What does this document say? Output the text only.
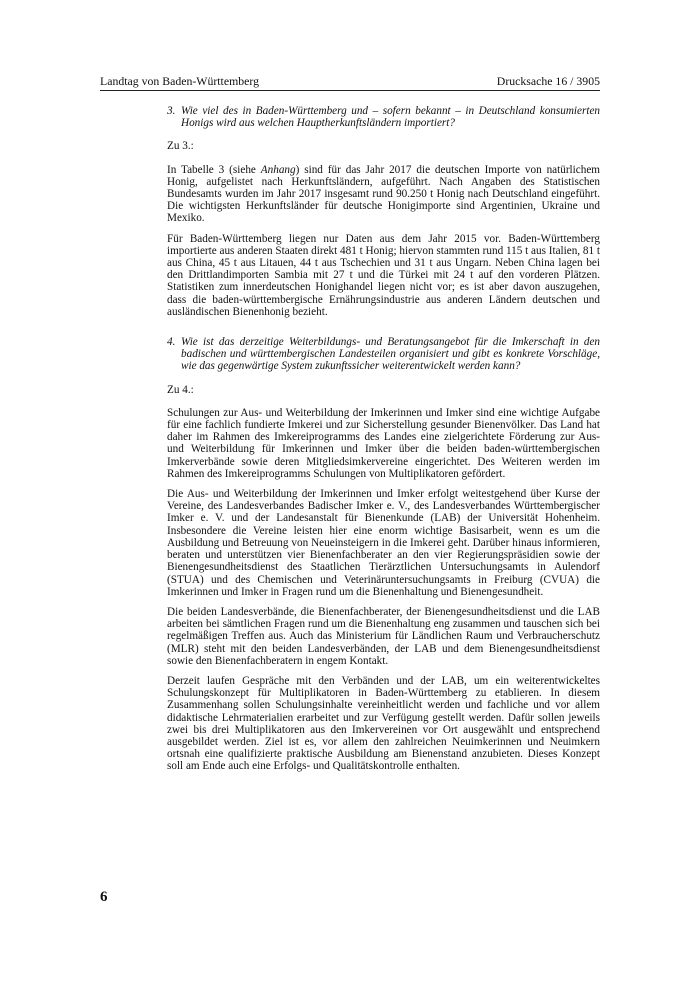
Landtag von Baden-Württemberg	Drucksache 16 / 3905
3. Wie viel des in Baden-Württemberg und – sofern bekannt – in Deutschland konsumierten Honigs wird aus welchen Hauptherkunftsländern importiert?
Zu 3.:

In Tabelle 3 (siehe Anhang) sind für das Jahr 2017 die deutschen Importe von natürlichem Honig, aufgelistet nach Herkunftsländern, aufgeführt. Nach Angaben des Statistischen Bundesamts wurden im Jahr 2017 insgesamt rund 90.250 t Honig nach Deutschland eingeführt. Die wichtigsten Herkunftsländer für deutsche Honigimporte sind Argentinien, Ukraine und Mexiko.

Für Baden-Württemberg liegen nur Daten aus dem Jahr 2015 vor. Baden-Württemberg importierte aus anderen Staaten direkt 481 t Honig; hiervon stammten rund 115 t aus Italien, 81 t aus China, 45 t aus Litauen, 44 t aus Tschechien und 31 t aus Ungarn. Neben China lagen bei den Drittlandimporten Sambia mit 27 t und die Türkei mit 24 t auf den vorderen Plätzen. Statistiken zum innerdeutschen Honighandel liegen nicht vor; es ist aber davon auszugehen, dass die baden-württembergische Ernährungsindustrie aus anderen Ländern deutschen und ausländischen Bienenhonig bezieht.

4. Wie ist das derzeitige Weiterbildungs- und Beratungsangebot für die Imkerschaft in den badischen und württembergischen Landesteilen organisiert und gibt es konkrete Vorschläge, wie das gegenwärtige System zukunftssicher weiterentwickelt werden kann?
Zu 4.:

Schulungen zur Aus- und Weiterbildung der Imkerinnen und Imker sind eine wichtige Aufgabe für eine fachlich fundierte Imkerei und zur Sicherstellung gesunder Bienenvölker. Das Land hat daher im Rahmen des Imkereiprogramms des Landes eine zielgerichtete Förderung zur Aus- und Weiterbildung für Imkerinnen und Imker über die beiden baden-württembergischen Imkerverbände sowie deren Mitgliedsimkervereine eingerichtet. Des Weiteren werden im Rahmen des Imkereiprogramms Schulungen von Multiplikatoren gefördert.

Die Aus- und Weiterbildung der Imkerinnen und Imker erfolgt weitestgehend über Kurse der Vereine, des Landesverbandes Badischer Imker e. V., des Landesverbandes Württembergischer Imker e. V. und der Landesanstalt für Bienenkunde (LAB) der Universität Hohenheim. Insbesondere die Vereine leisten hier eine enorm wichtige Basisarbeit, wenn es um die Ausbildung und Betreuung von Neueinsteigern in die Imkerei geht. Darüber hinaus informieren, beraten und unterstützen vier Bienenfachberater an den vier Regierungspräsidien sowie der Bienengesundheitsdienst des Staatlichen Tierärztlichen Untersuchungsamts in Aulendorf (STUA) und des Chemischen und Veterinäruntersuchungsamts in Freiburg (CVUA) die Imkerinnen und Imker in Fragen rund um die Bienenhaltung und Bienengesundheit.

Die beiden Landesverbände, die Bienenfachberater, der Bienengesundheitsdienst und die LAB arbeiten bei sämtlichen Fragen rund um die Bienenhaltung eng zusammen und tauschen sich bei regelmäßigen Treffen aus. Auch das Ministerium für Ländlichen Raum und Verbraucherschutz (MLR) steht mit den beiden Landesverbänden, der LAB und dem Bienengesundheitsdienst sowie den Bienenfachberatern in engem Kontakt.

Derzeit laufen Gespräche mit den Verbänden und der LAB, um ein weiterentwickeltes Schulungskonzept für Multiplikatoren in Baden-Württemberg zu etablieren. In diesem Zusammenhang sollen Schulungsinhalte vereinheitlicht werden und fachliche und vor allem didaktische Lehrmaterialien erarbeitet und zur Verfügung gestellt werden. Dafür sollen jeweils zwei bis drei Multiplikatoren aus den Imkervereinen vor Ort ausgewählt und entsprechend ausgebildet werden. Ziel ist es, vor allem den zahlreichen Neuimkerinnen und Neuimkern ortsnah eine qualifizierte praktische Ausbildung am Bienenstand anzubieten. Dieses Konzept soll am Ende auch eine Erfolgs- und Qualitätskontrolle enthalten.

6
